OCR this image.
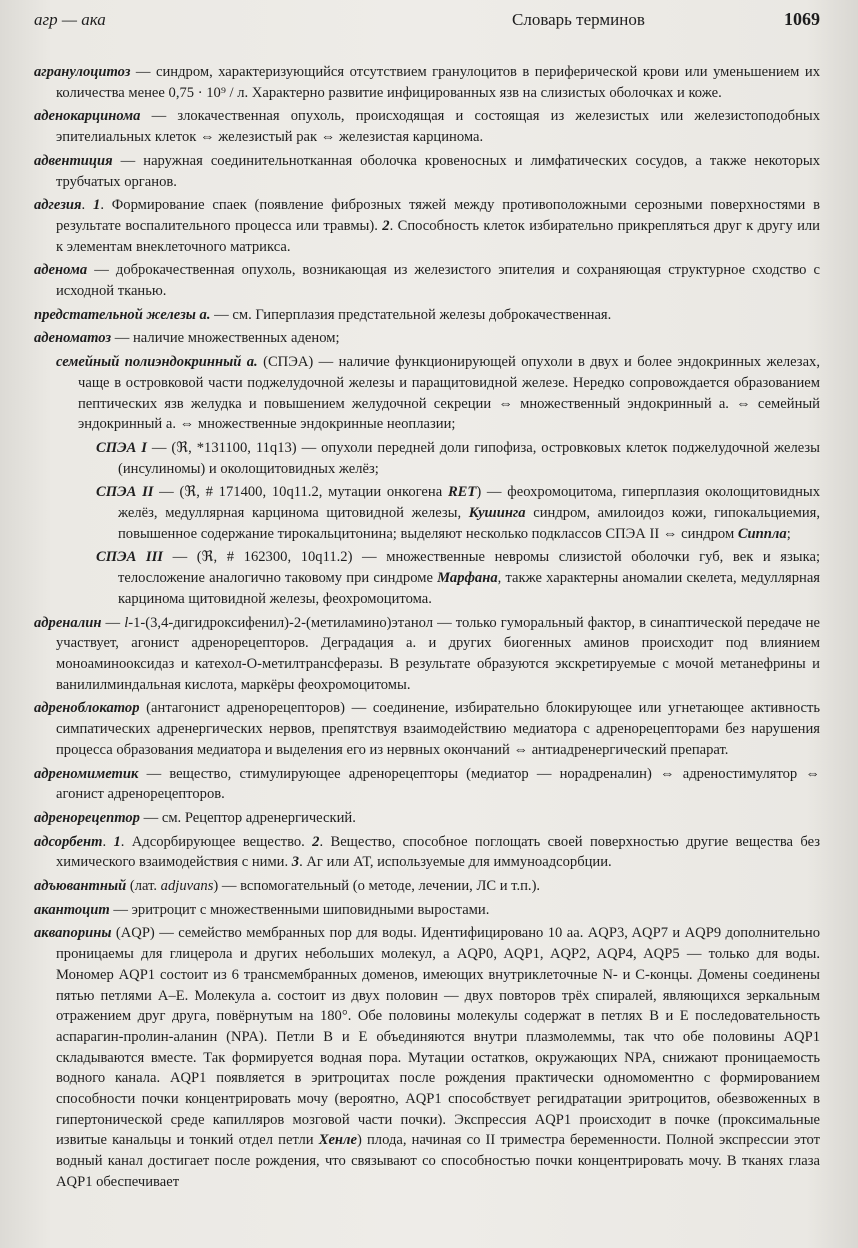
агр — ака	Словарь терминов	1069

агранулоцитоз — синдром, характеризующийся отсутствием гранулоцитов в периферической крови или уменьшением их количества менее 0,75 · 10⁹ / л. Характерно развитие инфицированных язв на слизистых оболочках и коже.

аденокарцинома — злокачественная опухоль, происходящая и состоящая из железистых или железистоподобных эпителиальных клеток ⇔ железистый рак ⇔ железистая карцинома.

адвентиция — наружная соединительнотканная оболочка кровеносных и лимфатических сосудов, а также некоторых трубчатых органов.

адгезия. 1. Формирование спаек (появление фиброзных тяжей между противоположными серозными поверхностями в результате воспалительного процесса или травмы). 2. Способность клеток избирательно прикрепляться друг к другу или к элементам внеклеточного матрикса.

аденома — доброкачественная опухоль, возникающая из железистого эпителия и сохраняющая структурное сходство с исходной тканью.

предстательной железы а. — см. Гиперплазия предстательной железы доброкачественная.

аденоматоз — наличие множественных аденом;

семейный полиэндокринный а. (СПЭА) — наличие функционирующей опухоли в двух и более эндокринных железах, чаще в островковой части поджелудочной железы и паращитовидной железе. Нередко сопровождается образованием пептических язв желудка и повышением желудочной секреции ⇔ множественный эндокринный а. ⇔ семейный эндокринный а. ⇔ множественные эндокринные неоплазии;

СПЭА I — (ℜ, *131100, 11q13) — опухоли передней доли гипофиза, островковых клеток поджелудочной железы (инсулиномы) и околощитовидных желёз;

СПЭА II — (ℜ, # 171400, 10q11.2, мутации онкогена RET) — феохромоцитома, гиперплазия околощитовидных желёз, медуллярная карцинома щитовидной железы, Кушинга синдром, амилоидоз кожи, гипокальциемия, повышенное содержание тирокальцитонина; выделяют несколько подклассов СПЭА II ⇔ синдром Сиппла;

СПЭА III — (ℜ, # 162300, 10q11.2) — множественные невромы слизистой оболочки губ, век и языка; телосложение аналогично таковому при синдроме Марфана, также характерны аномалии скелета, медуллярная карцинома щитовидной железы, феохромоцитома.

адреналин — l-1-(3,4-дигидроксифенил)-2-(метиламино)этанол — только гуморальный фактор, в синаптической передаче не участвует, агонист адренорецепторов. Деградация а. и других биогенных аминов происходит под влиянием моноаминооксидаз и катехол-О-метилтрансферазы. В результате образуются экскретируемые с мочой метанефрины и ванилилминдальная кислота, маркёры феохромоцитомы.

адреноблокатор (антагонист адренорецепторов) — соединение, избирательно блокирующее или угнетающее активность симпатических адренергических нервов, препятствуя взаимодействию медиатора с адренорецепторами без нарушения процесса образования медиатора и выделения его из нервных окончаний ⇔ антиадренергический препарат.

адреномиметик — вещество, стимулирующее адренорецепторы (медиатор — норадреналин) ⇔ адреностимулятор ⇔ агонист адренорецепторов.

адренорецептор — см. Рецептор адренергический.

адсорбент. 1. Адсорбирующее вещество. 2. Вещество, способное поглощать своей поверхностью другие вещества без химического взаимодействия с ними. 3. Аг или АТ, используемые для иммуноадсорбции.

адъювантный (лат. adjuvans) — вспомогательный (о методе, лечении, ЛС и т.п.).

акантоцит — эритроцит с множественными шиповидными выростами.

аквапорины (AQP) — семейство мембранных пор для воды. Идентифицировано 10 аа. AQP3, AQP7 и AQP9 дополнительно проницаемы для глицерола и других небольших молекул, а AQP0, AQP1, AQP2, AQP4, AQP5 — только для воды. Мономер AQP1 состоит из 6 трансмембранных доменов, имеющих внутриклеточные N- и С-концы. Домены соединены пятью петлями A–E. Молекула а. состоит из двух половин — двух повторов трёх спиралей, являющихся зеркальным отражением друг друга, повёрнутым на 180°. Обе половины молекулы содержат в петлях B и E последовательность аспарагин-пролин-аланин (NPA). Петли B и E объединяются внутри плазмолеммы, так что обе половины AQP1 складываются вместе. Так формируется водная пора. Мутации остатков, окружающих NPA, снижают проницаемость водного канала. AQP1 появляется в эритроцитах после рождения практически одномоментно с формированием способности почки концентрировать мочу (вероятно, AQP1 способствует регидратации эритроцитов, обезвоженных в гипертонической среде капилляров мозговой части почки). Экспрессия AQP1 происходит в почке (проксимальные извитые канальцы и тонкий отдел петли Хенле) плода, начиная со II триместра беременности. Полной экспрессии этот водный канал достигает после рождения, что связывают со способностью почки концентрировать мочу. В тканях глаза AQP1 обеспечивает
